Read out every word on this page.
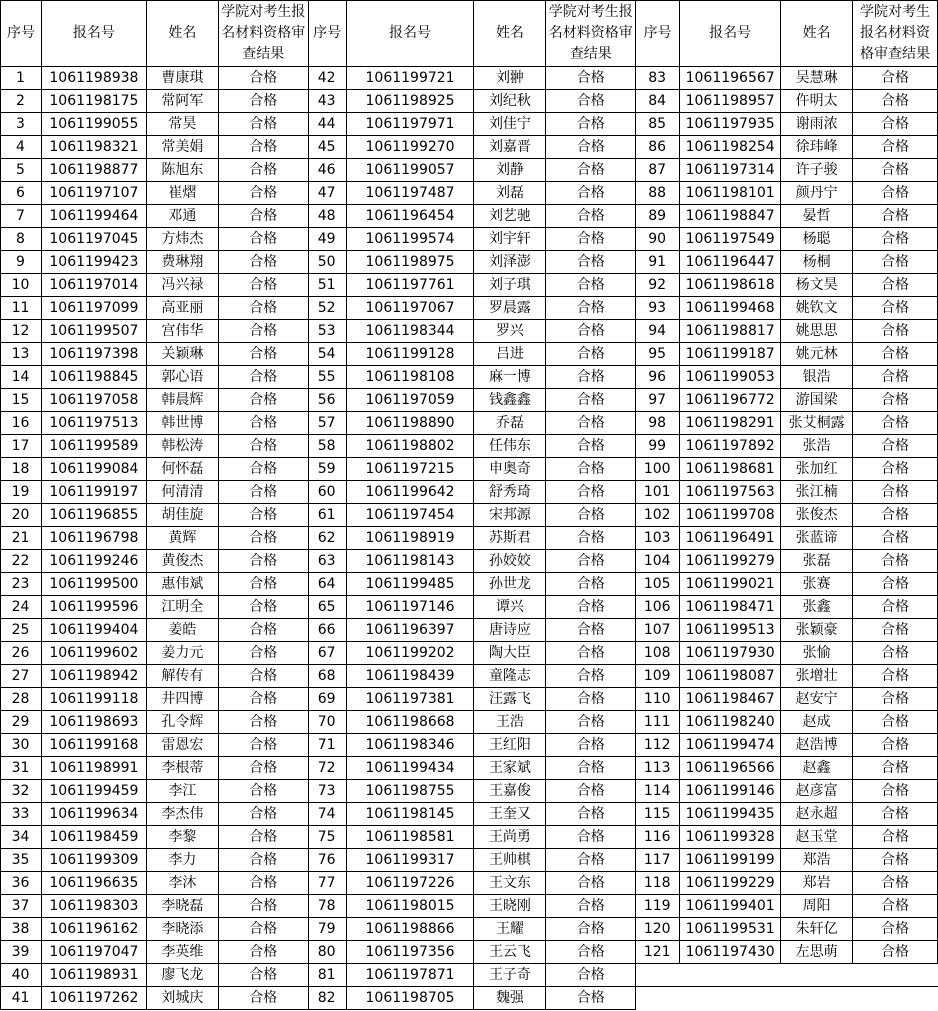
序号	报名号	姓名	学院对考生报名材料资格审查结果	序号	报名号	姓名	学院对考生报名材料资格审查结果	序号	报名号	姓名	学院对考生报名材料资格审查结果

1	1061198938	曹康琪	合格	42	1061199721	刘翀	合格	83	1061196567	吴慧琳	合格
2	1061198175	常阿军	合格	43	1061198925	刘纪秋	合格	84	1061198957	仵明太	合格
3	1061199055	常昊	合格	44	1061197971	刘佳宁	合格	85	1061197935	谢雨浓	合格
4	1061198321	常美娟	合格	45	1061199270	刘嘉晋	合格	86	1061198254	徐玮峰	合格
5	1061198877	陈旭东	合格	46	1061199057	刘静	合格	87	1061197314	许子骏	合格
6	1061197107	崔熠	合格	47	1061197487	刘磊	合格	88	1061198101	颜丹宁	合格
7	1061199464	邓通	合格	48	1061196454	刘艺驰	合格	89	1061198847	晏哲	合格
8	1061197045	方炜杰	合格	49	1061199574	刘宇轩	合格	90	1061197549	杨聪	合格
9	1061199423	费琳翔	合格	50	1061198975	刘泽澎	合格	91	1061196447	杨桐	合格
10	1061197014	冯兴禄	合格	51	1061197761	刘子琪	合格	92	1061198618	杨文昊	合格
11	1061197099	高亚丽	合格	52	1061197067	罗晨露	合格	93	1061199468	姚钦文	合格
12	1061199507	宫伟华	合格	53	1061198344	罗兴	合格	94	1061198817	姚思思	合格
13	1061197398	关颖琳	合格	54	1061199128	吕进	合格	95	1061199187	姚元林	合格
14	1061198845	郭心语	合格	55	1061198108	麻一博	合格	96	1061199053	银浩	合格
15	1061197058	韩晨辉	合格	56	1061197059	钱鑫鑫	合格	97	1061196772	游国梁	合格
16	1061197513	韩世博	合格	57	1061198890	乔磊	合格	98	1061198291	张艾桐露	合格
17	1061199589	韩松涛	合格	58	1061198802	任伟东	合格	99	1061197892	张浩	合格
18	1061199084	何怀磊	合格	59	1061197215	申奥奇	合格	100	1061198681	张加红	合格
19	1061199197	何清清	合格	60	1061199642	舒秀琦	合格	101	1061197563	张江楠	合格
20	1061196855	胡佳旋	合格	61	1061197454	宋邦源	合格	102	1061199708	张俊杰	合格
21	1061196798	黄辉	合格	62	1061198919	苏斯君	合格	103	1061196491	张蓝谛	合格
22	1061199246	黄俊杰	合格	63	1061198143	孙姣姣	合格	104	1061199279	张磊	合格
23	1061199500	惠伟斌	合格	64	1061199485	孙世龙	合格	105	1061199021	张赛	合格
24	1061199596	江明全	合格	65	1061197146	谭兴	合格	106	1061198471	张鑫	合格
25	1061199404	姜皓	合格	66	1061196397	唐诗应	合格	107	1061199513	张颖豪	合格
26	1061199602	姜力元	合格	67	1061199202	陶大臣	合格	108	1061197930	张愉	合格
27	1061198942	解传有	合格	68	1061198439	童隆志	合格	109	1061198087	张增壮	合格
28	1061199118	井四博	合格	69	1061197381	汪露飞	合格	110	1061198467	赵安宁	合格
29	1061198693	孔令辉	合格	70	1061198668	王浩	合格	111	1061198240	赵成	合格
30	1061199168	雷恩宏	合格	71	1061198346	王红阳	合格	112	1061199474	赵浩博	合格
31	1061198991	李根蒂	合格	72	1061199434	王家斌	合格	113	1061196566	赵鑫	合格
32	1061199459	李江	合格	73	1061198755	王嘉俊	合格	114	1061199146	赵彦富	合格
33	1061199634	李杰伟	合格	74	1061198145	王奎又	合格	115	1061199435	赵永超	合格
34	1061198459	李黎	合格	75	1061198581	王尚勇	合格	116	1061199328	赵玉堂	合格
35	1061199309	李力	合格	76	1061199317	王帅棋	合格	117	1061199199	郑浩	合格
36	1061196635	李沐	合格	77	1061197226	王文东	合格	118	1061199229	郑岩	合格
37	1061198303	李晓磊	合格	78	1061198015	王晓刚	合格	119	1061199401	周阳	合格
38	1061196162	李晓添	合格	79	1061198866	王耀	合格	120	1061199531	朱轩亿	合格
39	1061197047	李英维	合格	80	1061197356	王云飞	合格	121	1061197430	左思萌	合格
40	1061198931	廖飞龙	合格	81	1061197871	王子奇	合格				
41	1061197262	刘城庆	合格	82	1061198705	魏强	合格				
